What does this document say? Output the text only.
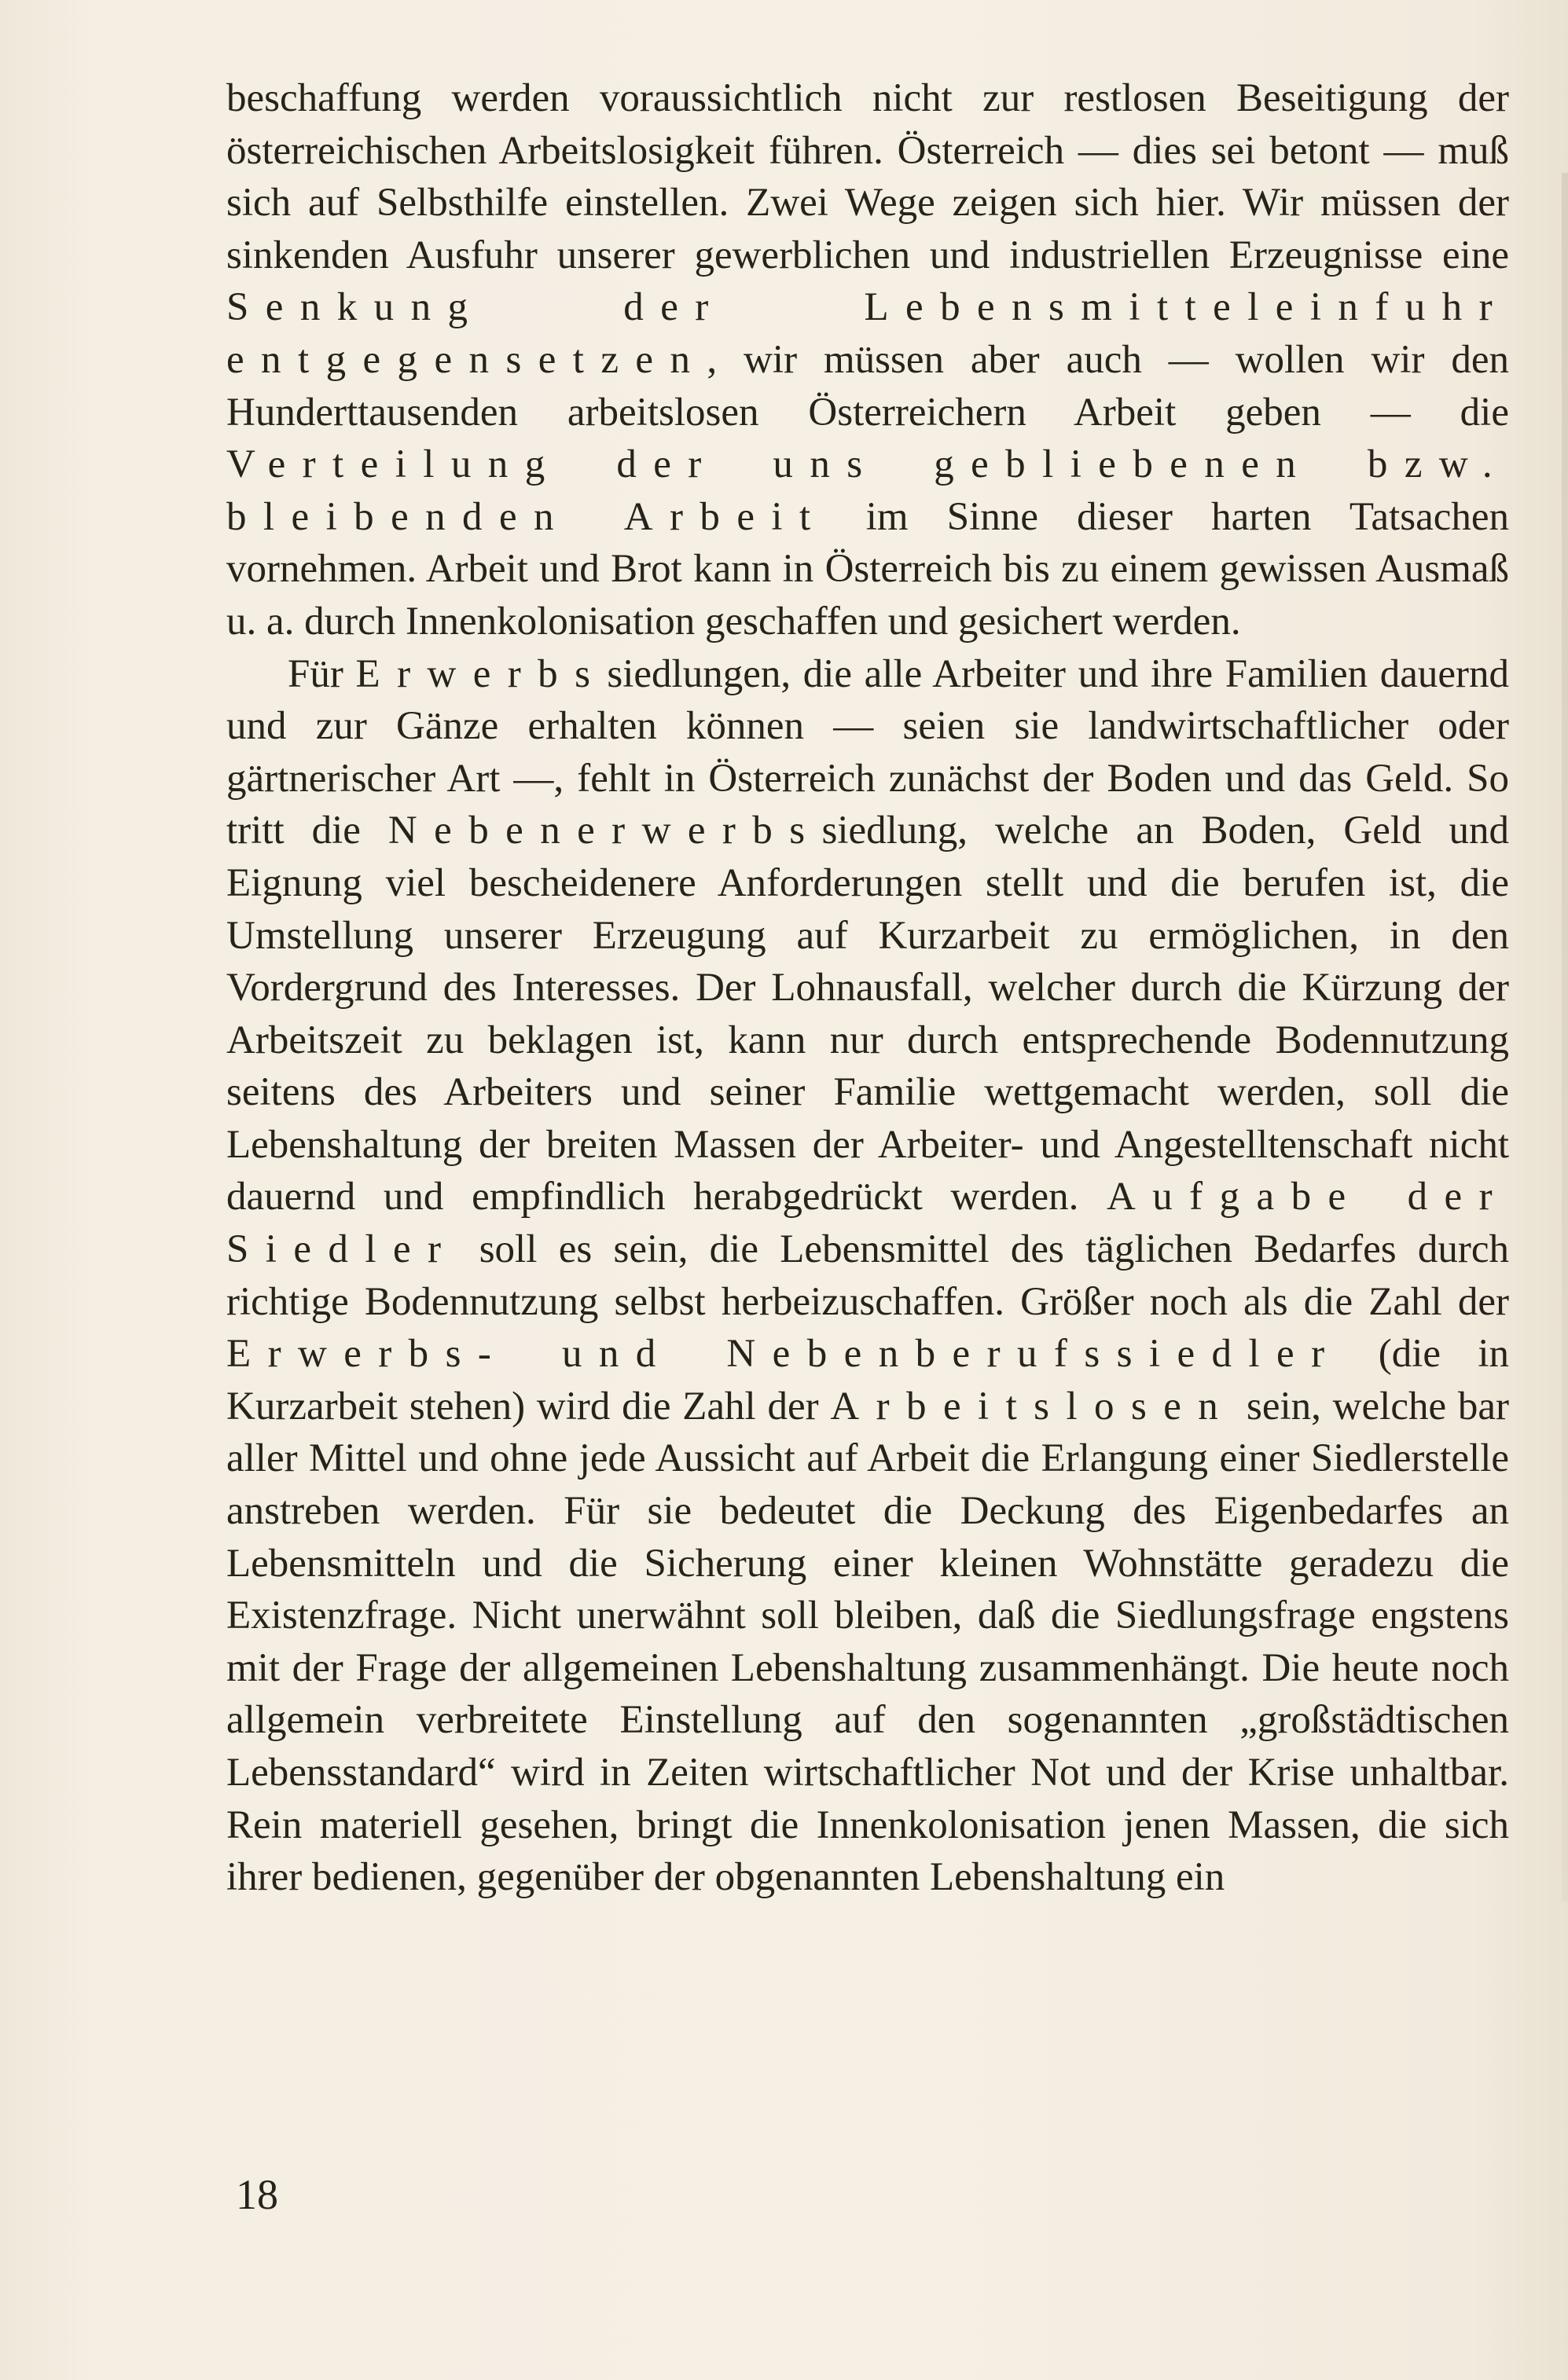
beschaffung werden voraussichtlich nicht zur restlosen Beseitigung der österreichischen Arbeitslosigkeit führen. Österreich — dies sei betont — muß sich auf Selbsthilfe einstellen. Zwei Wege zeigen sich hier. Wir müssen der sinkenden Ausfuhr unserer gewerblichen und industriellen Erzeugnisse eine Senkung der Lebensmitteleinfuhr entgegensetzen, wir müssen aber auch — wollen wir den Hunderttausenden arbeitslosen Österreichern Arbeit geben — die Verteilung der uns gebliebenen bzw. bleibenden Arbeit im Sinne dieser harten Tatsachen vornehmen. Arbeit und Brot kann in Österreich bis zu einem gewissen Ausmaß u. a. durch Innenkolonisation geschaffen und gesichert werden.

Für Erwerbssiedlungen, die alle Arbeiter und ihre Familien dauernd und zur Gänze erhalten können — seien sie landwirtschaftlicher oder gärtnerischer Art —, fehlt in Österreich zunächst der Boden und das Geld. So tritt die Nebenerwerbssiedlung, welche an Boden, Geld und Eignung viel bescheidenere Anforderungen stellt und die berufen ist, die Umstellung unserer Erzeugung auf Kurzarbeit zu ermöglichen, in den Vordergrund des Interesses. Der Lohnausfall, welcher durch die Kürzung der Arbeitszeit zu beklagen ist, kann nur durch entsprechende Bodennutzung seitens des Arbeiters und seiner Familie wettgemacht werden, soll die Lebenshaltung der breiten Massen der Arbeiter- und Angestelltenschaft nicht dauernd und empfindlich herabgedrückt werden. Aufgabe der Siedler soll es sein, die Lebensmittel des täglichen Bedarfes durch richtige Bodennutzung selbst herbeizuschaffen. Größer noch als die Zahl der Erwerbs- und Nebenberufssiedler (die in Kurzarbeit stehen) wird die Zahl der Arbeitslosen sein, welche bar aller Mittel und ohne jede Aussicht auf Arbeit die Erlangung einer Siedlerstelle anstreben werden. Für sie bedeutet die Deckung des Eigenbedarfes an Lebensmitteln und die Sicherung einer kleinen Wohnstätte geradezu die Existenzfrage. Nicht unerwähnt soll bleiben, daß die Siedlungsfrage engstens mit der Frage der allgemeinen Lebenshaltung zusammenhängt. Die heute noch allgemein verbreitete Einstellung auf den sogenannten „großstädtischen Lebensstandard“ wird in Zeiten wirtschaftlicher Not und der Krise unhaltbar. Rein materiell gesehen, bringt die Innenkolonisation jenen Massen, die sich ihrer bedienen, gegenüber der obgenannten Lebenshaltung ein

18
